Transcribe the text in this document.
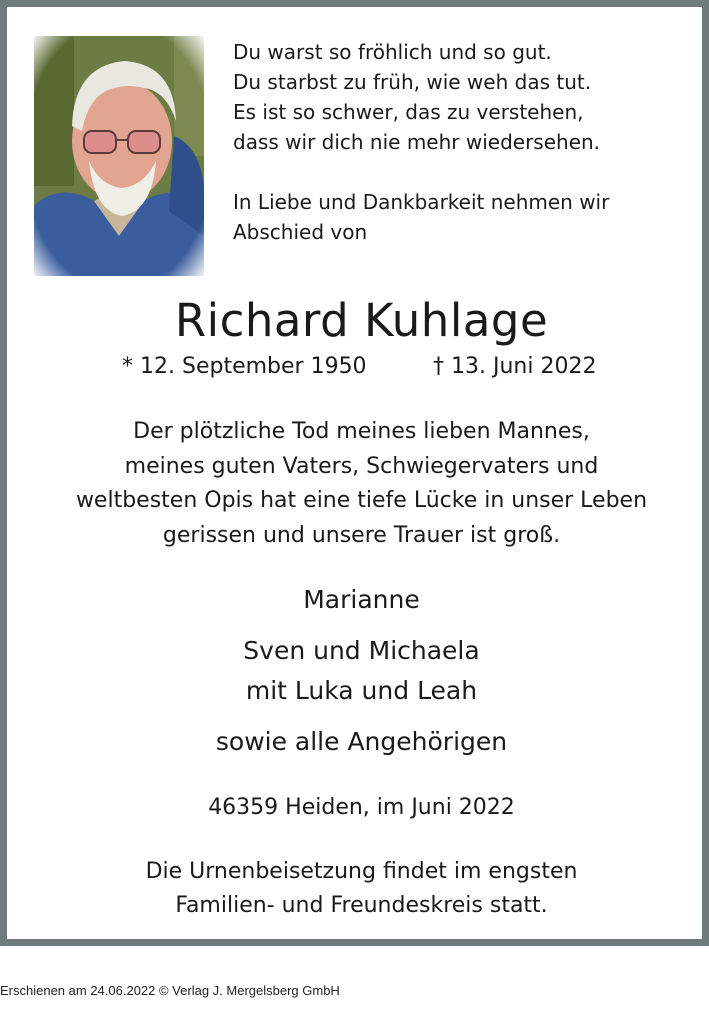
Du warst so fröhlich und so gut.
Du starbst zu früh, wie weh das tut.
Es ist so schwer, das zu verstehen,
dass wir dich nie mehr wiedersehen.
In Liebe und Dankbarkeit nehmen wir
Abschied von
Richard Kuhlage
* 12. September 1950	† 13. Juni 2022
Der plötzliche Tod meines lieben Mannes,
meines guten Vaters, Schwiegervaters und
weltbesten Opis hat eine tiefe Lücke in unser Leben
gerissen und unsere Trauer ist groß.
Marianne
Sven und Michaela
mit Luka und Leah
sowie alle Angehörigen
46359 Heiden, im Juni 2022
Die Urnenbeisetzung findet im engsten
Familien- und Freundeskreis statt.
Erschienen am 24.06.2022 © Verlag J. Mergelsberg GmbH
